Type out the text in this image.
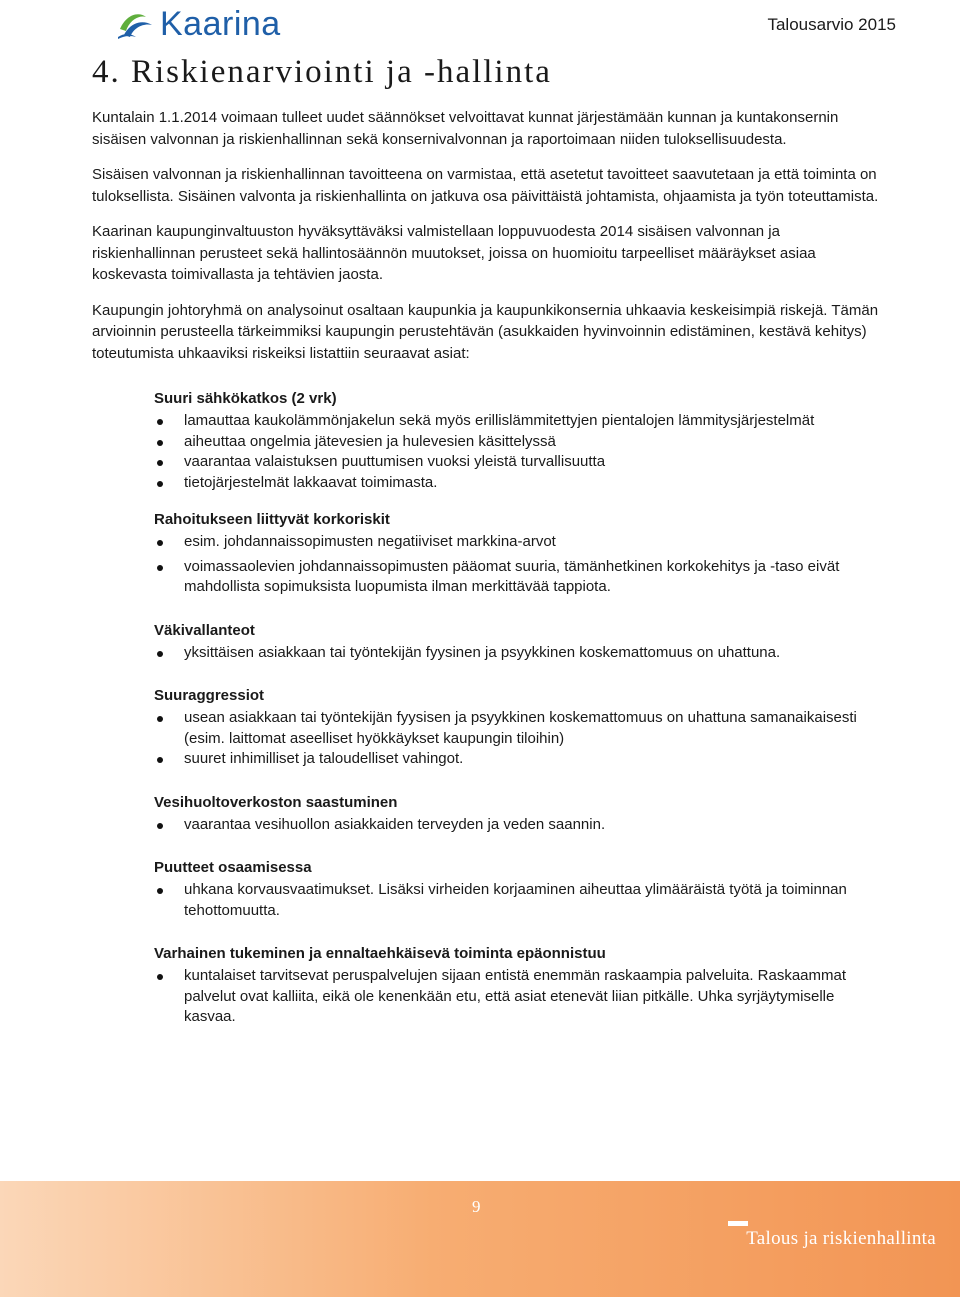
Kaarina	Talousarvio 2015
4. Riskienarviointi ja -hallinta

Kuntalain 1.1.2014 voimaan tulleet uudet säännökset velvoittavat kunnat järjestämään kunnan ja kuntakonsernin sisäisen valvonnan ja riskienhallinnan sekä konsernivalvonnan ja raportoimaan niiden tuloksellisuudesta.

Sisäisen valvonnan ja riskienhallinnan tavoitteena on varmistaa, että asetetut tavoitteet saavutetaan ja että toiminta on tuloksellista. Sisäinen valvonta ja riskienhallinta on jatkuva osa päivittäistä johtamista, ohjaamista ja työn toteuttamista.

Kaarinan kaupunginvaltuuston hyväksyttäväksi valmistellaan loppuvuodesta 2014 sisäisen valvonnan ja riskienhallinnan perusteet sekä hallintosäännön muutokset, joissa on huomioitu tarpeelliset määräykset asiaa koskevasta toimivallasta ja tehtävien jaosta.

Kaupungin johtoryhmä on analysoinut osaltaan kaupunkia ja kaupunkikonsernia uhkaavia keskeisimpiä riskejä. Tämän arvioinnin perusteella tärkeimmiksi kaupungin perustehtävän (asukkaiden hyvinvoinnin edistäminen, kestävä kehitys) toteutumista uhkaaviksi riskeiksi listattiin seuraavat asiat:

Suuri sähkökatkos (2 vrk)
lamauttaa kaukolämmönjakelun sekä myös erillislämmitettyjen pientalojen lämmitysjärjestelmät
aiheuttaa ongelmia jätevesien ja hulevesien käsittelyssä
vaarantaa valaistuksen puuttumisen vuoksi yleistä turvallisuutta
tietojärjestelmät lakkaavat toimimasta.
Rahoitukseen liittyvät korkoriskit
esim. johdannaissopimusten negatiiviset markkina-arvot
voimassaolevien johdannaissopimusten pääomat suuria, tämänhetkinen korkokehitys ja -taso eivät mahdollista sopimuksista luopumista ilman merkittävää tappiota.
Väkivallanteot
yksittäisen asiakkaan tai työntekijän fyysinen ja psyykkinen koskemattomuus on uhattuna.
Suuraggressiot
usean asiakkaan tai työntekijän fyysisen ja psyykkinen koskemattomuus on uhattuna samanaikaisesti (esim. laittomat aseelliset hyökkäykset kaupungin tiloihin)
suuret inhimilliset ja taloudelliset vahingot.
Vesihuoltoverkoston saastuminen
vaarantaa vesihuollon asiakkaiden terveyden ja veden saannin.
Puutteet osaamisessa
uhkana korvausvaatimukset. Lisäksi virheiden korjaaminen aiheuttaa ylimääräistä työtä ja toiminnan tehottomuutta.
Varhainen tukeminen ja ennaltaehkäisevä toiminta epäonnistuu
kuntalaiset tarvitsevat peruspalvelujen sijaan entistä enemmän raskaampia palveluita. Raskaammat palvelut ovat kalliita, eikä ole kenenkään etu, että asiat etenevät liian pitkälle. Uhka syrjäytymiselle kasvaa.
9
Talous ja riskienhallinta
